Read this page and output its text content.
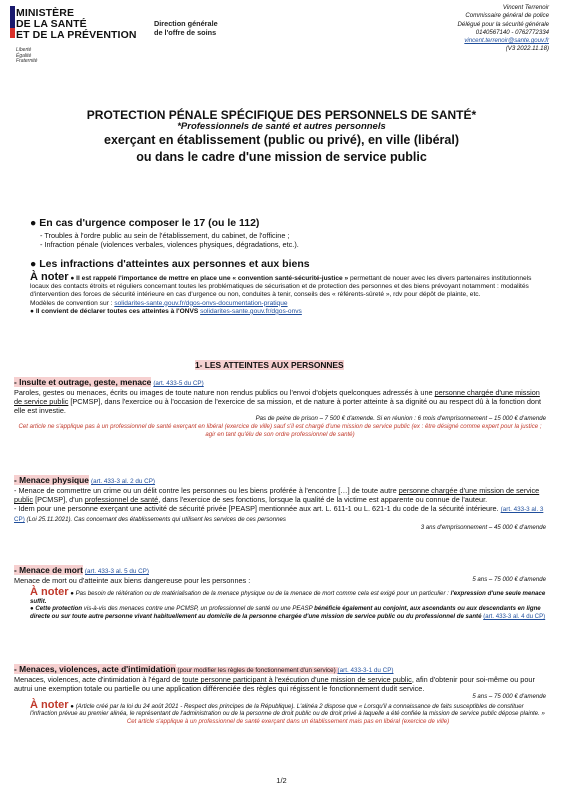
MINISTÈRE
DE LA SANTÉ
ET DE LA PRÉVENTION
Liberté
Égalité
Fraternité
Direction générale
de l'offre de soins
Vincent Terrenoir
Commissaire général de police
Délégué pour la sécurité générale
0140567140 - 0762772334
vincent.terrenoir@sante.gouv.fr
(V3 2022.11.18)
PROTECTION PÉNALE SPÉCIFIQUE DES PERSONNELS DE SANTÉ*
*Professionnels de santé et autres personnels
exerçant en établissement (public ou privé), en ville (libéral)
ou dans le cadre d'une mission de service public
● En cas d'urgence composer le 17 (ou le 112)
- Troubles à l'ordre public au sein de l'établissement, du cabinet, de l'officine ;
- Infraction pénale (violences verbales, violences physiques, dégradations, etc.).
● Les infractions d'atteintes aux personnes et aux biens
À noter ● Il est rappelé l'importance de mettre en place une « convention santé-sécurité-justice » permettant de nouer avec les divers partenaires institutionnels locaux des contacts étroits et réguliers concernant toutes les problématiques de sécurisation et de protection des personnes et des biens prévoyant notamment : modalités d'intervention des forces de sécurité intérieure en cas d'urgence ou non, conduites à tenir, conseils des « référents-sûreté », rdv pour dépôt de plainte, etc.
Modèles de convention sur : solidarites-sante.gouv.fr/dgos-onvs-documentation-pratique
● Il convient de déclarer toutes ces atteintes à l'ONVS solidarites-sante.gouv.fr/dgos-onvs
1- LES ATTEINTES AUX PERSONNES
- Insulte et outrage, geste, menace (art. 433-5 du CP)
Paroles, gestes ou menaces, écrits ou images de toute nature non rendus publics ou l'envoi d'objets quelconques adressés à une personne chargée d'une mission de service public [PCMSP], dans l'exercice ou à l'occasion de l'exercice de sa mission, et de nature à porter atteinte à sa dignité ou au respect dû à la fonction dont elle est investie.
Pas de peine de prison – 7 500 € d'amende. Si en réunion : 6 mois d'emprisonnement – 15 000 € d'amende
Cet article ne s'applique pas à un professionnel de santé exerçant en libéral (exercice de ville) sauf s'il est chargé d'une mission de service public (ex : être désigné comme expert pour la justice ; agir en tant qu'élu de son ordre professionnel de santé)
- Menace physique (art. 433-3 al. 2 du CP)
- Menace de commettre un crime ou un délit contre les personnes ou les biens proférée à l'encontre […] de toute autre personne chargée d'une mission de service public [PCMSP], d'un professionnel de santé, dans l'exercice de ses fonctions, lorsque la qualité de la victime est apparente ou connue de l'auteur.
- Idem pour une personne exerçant une activité de sécurité privée [PEASP] mentionnée aux art. L. 611-1 ou L. 621-1 du code de la sécurité intérieure. (art. 433-3 al. 3 CP) (Loi 25.11.2021). Cas concernant des établissements qui utilisent les services de ces personnes
3 ans d'emprisonnement – 45 000 € d'amende
- Menace de mort (art. 433-3 al. 5 du CP)

Menace de mort ou d'atteinte aux biens dangereuse pour les personnes :	5 ans – 75 000 € d'amende
À noter ● Pas besoin de réitération ou de matérialisation de la menace physique ou de la menace de mort comme cela est exigé pour un particulier : l'expression d'une seule menace suffit.
● Cette protection vis-à-vis des menaces contre une PCMSP, un professionnel de santé ou une PEASP bénéficie également au conjoint, aux ascendants ou aux descendants en ligne directe ou sur toute autre personne vivant habituellement au domicile de la personne chargée d'une mission de service public ou du professionnel de santé (art. 433-3 al. 4 du CP)
- Menaces, violences, acte d'intimidation (pour modifier les règles de fonctionnement d'un service) (art. 433-3-1 du CP)
Menaces, violences, acte d'intimidation à l'égard de toute personne participant à l'exécution d'une mission de service public, afin d'obtenir pour soi-même ou pour autrui une exemption totale ou partielle ou une application différenciée des règles qui régissent le fonctionnement dudit service.
5 ans – 75 000 € d'amende
À noter ● (Article créé par la loi du 24 août 2021 - Respect des principes de la République). L'alinéa 2 dispose que « Lorsqu'il a connaissance de faits susceptibles de constituer l'infraction prévue au premier alinéa, le représentant de l'administration ou de la personne de droit public ou de droit privé à laquelle a été confiée la mission de service public dépose plainte. »
Cet article s'applique à un professionnel de santé exerçant dans un établissement mais pas en libéral (exercice de ville)
1/2
